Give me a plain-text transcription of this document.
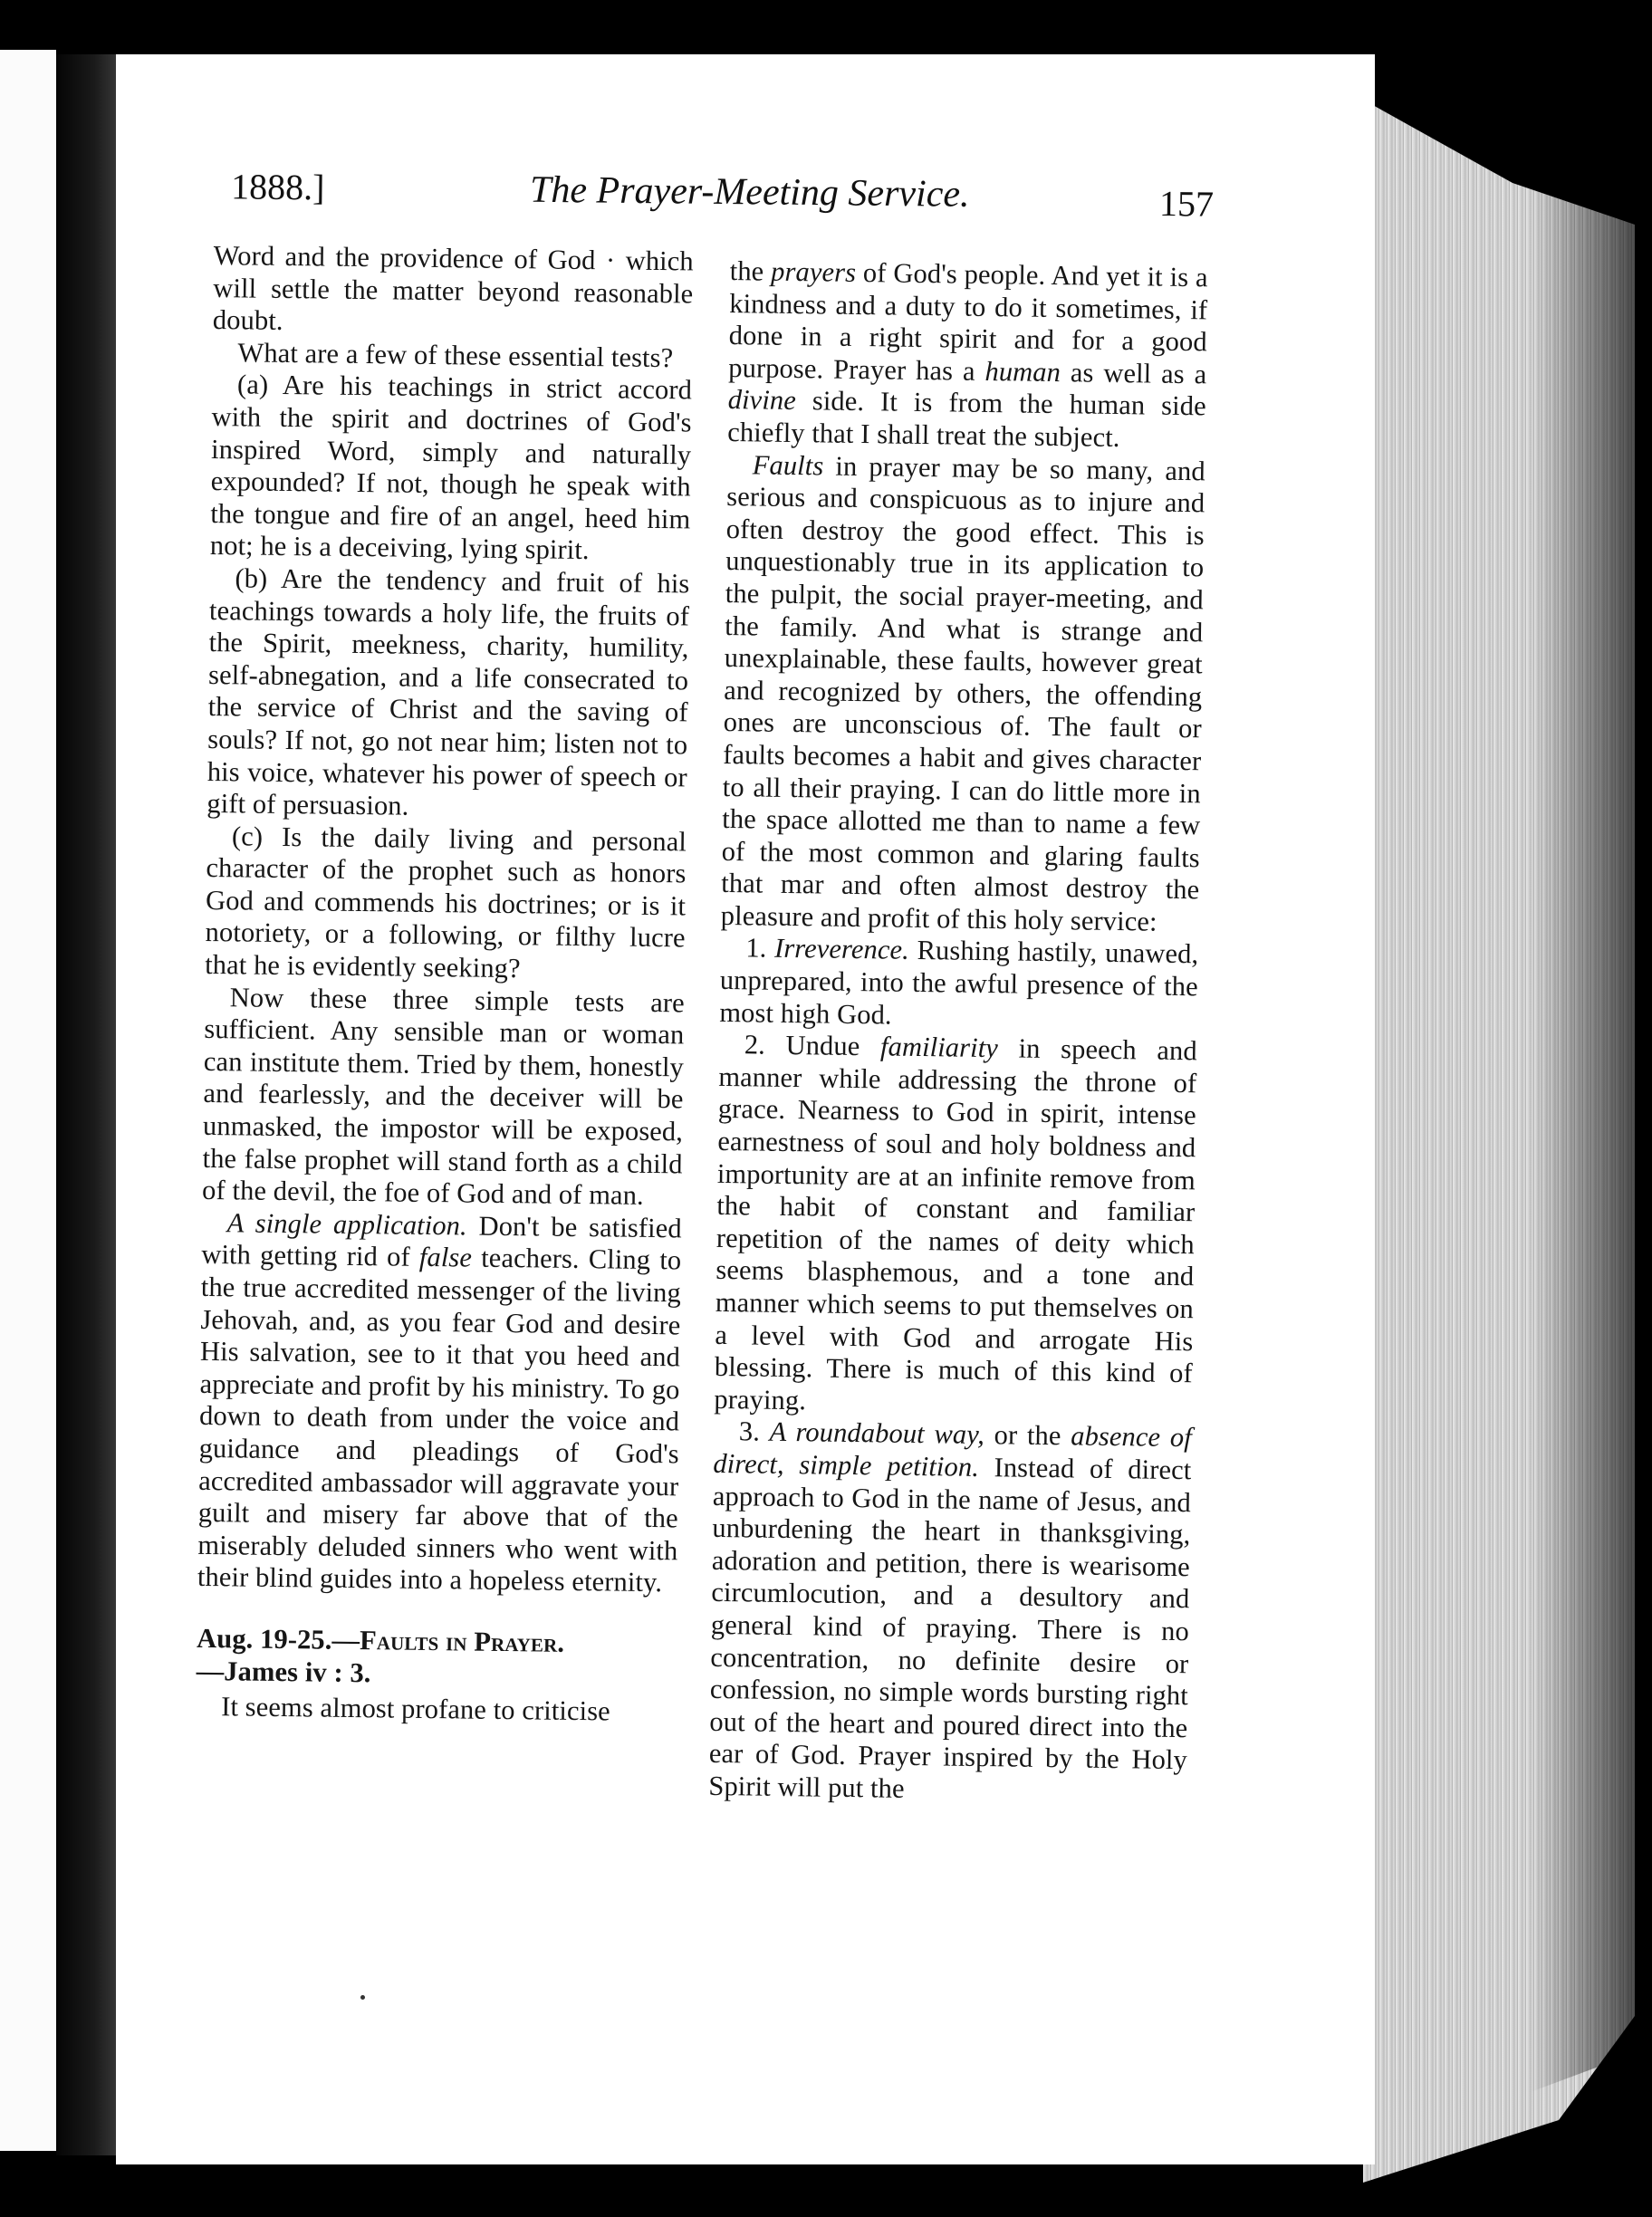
1888.]	The Prayer-Meeting Service.	157

Word and the providence of God · which will settle the matter beyond reasonable doubt.

What are a few of these essential tests?

(a) Are his teachings in strict accord with the spirit and doctrines of God's inspired Word, simply and naturally expounded? If not, though he speak with the tongue and fire of an angel, heed him not; he is a deceiving, lying spirit.

(b) Are the tendency and fruit of his teachings towards a holy life, the fruits of the Spirit, meekness, charity, humility, self-abnegation, and a life consecrated to the service of Christ and the saving of souls? If not, go not near him; listen not to his voice, whatever his power of speech or gift of persuasion.

(c) Is the daily living and personal character of the prophet such as honors God and commends his doctrines; or is it notoriety, or a following, or filthy lucre that he is evidently seeking?

Now these three simple tests are sufficient. Any sensible man or woman can institute them. Tried by them, honestly and fearlessly, and the deceiver will be unmasked, the impostor will be exposed, the false prophet will stand forth as a child of the devil, the foe of God and of man.

A single application. Don't be satisfied with getting rid of false teachers. Cling to the true accredited messenger of the living Jehovah, and, as you fear God and desire His salvation, see to it that you heed and appreciate and profit by his ministry. To go down to death from under the voice and guidance and pleadings of God's accredited ambassador will aggravate your guilt and misery far above that of the miserably deluded sinners who went with their blind guides into a hopeless eternity.

Aug. 19-25.—Faults in Prayer.
—James iv : 3.

It seems almost profane to criticise

the prayers of God's people. And yet it is a kindness and a duty to do it sometimes, if done in a right spirit and for a good purpose. Prayer has a human as well as a divine side. It is from the human side chiefly that I shall treat the subject.

Faults in prayer may be so many, and serious and conspicuous as to injure and often destroy the good effect. This is unquestionably true in its application to the pulpit, the social prayer-meeting, and the family. And what is strange and unexplainable, these faults, however great and recognized by others, the offending ones are unconscious of. The fault or faults becomes a habit and gives character to all their praying. I can do little more in the space allotted me than to name a few of the most common and glaring faults that mar and often almost destroy the pleasure and profit of this holy service:

1. Irreverence. Rushing hastily, unawed, unprepared, into the awful presence of the most high God.

2. Undue familiarity in speech and manner while addressing the throne of grace. Nearness to God in spirit, intense earnestness of soul and holy boldness and importunity are at an infinite remove from the habit of constant and familiar repetition of the names of deity which seems blasphemous, and a tone and manner which seems to put themselves on a level with God and arrogate His blessing. There is much of this kind of praying.

3. A roundabout way, or the absence of direct, simple petition. Instead of direct approach to God in the name of Jesus, and unburdening the heart in thanksgiving, adoration and petition, there is wearisome circumlocution, and a desultory and general kind of praying. There is no concentration, no definite desire or confession, no simple words bursting right out of the heart and poured direct into the ear of God. Prayer inspired by the Holy Spirit will put the
